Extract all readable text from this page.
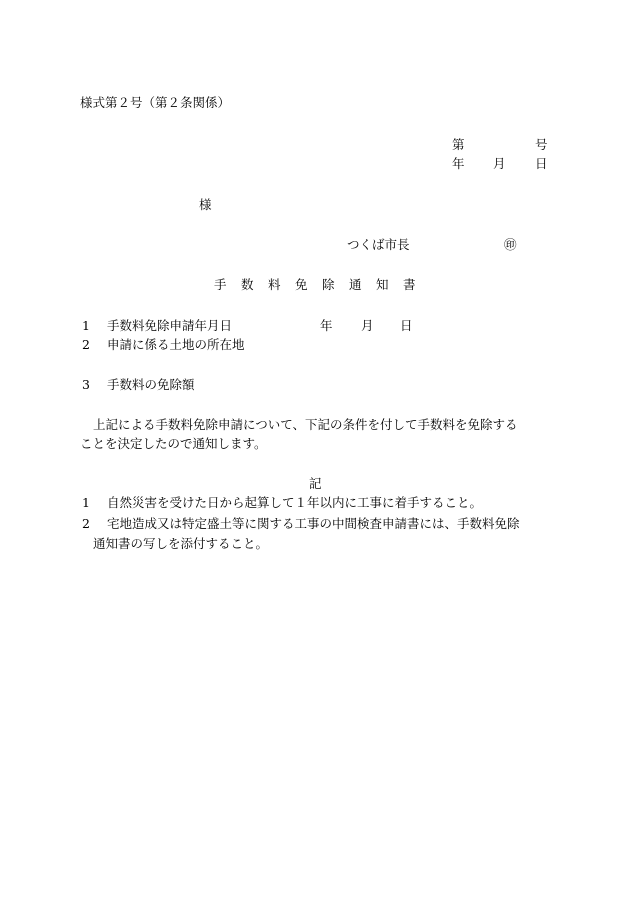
様式第２号（第２条関係）
第	号
年 月 日
様
つくば市長	㊞
手 数 料 免 除 通 知 書
1 手数料免除申請年月日	年 月 日
2 申請に係る土地の所在地
3 手数料の免除額
上記による手数料免除申請について、下記の条件を付して手数料を免除する
ことを決定したので通知します。
記
1 自然災害を受けた日から起算して１年以内に工事に着手すること。
2 宅地造成又は特定盛土等に関する工事の中間検査申請書には、手数料免除
通知書の写しを添付すること。
